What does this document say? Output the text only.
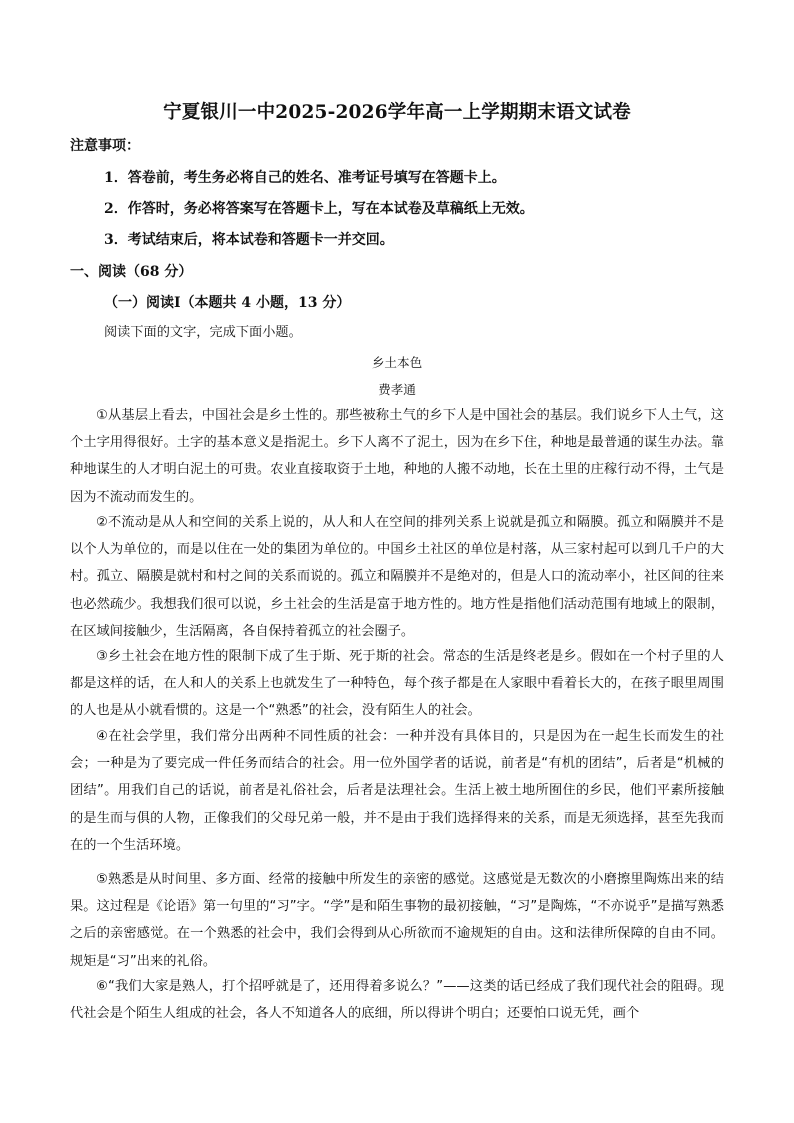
宁夏银川一中2025-2026学年高一上学期期末语文试卷
注意事项：
1．答卷前，考生务必将自己的姓名、准考证号填写在答题卡上。
2．作答时，务必将答案写在答题卡上，写在本试卷及草稿纸上无效。
3．考试结束后，将本试卷和答题卡一并交回。
一、阅读（68 分）
（一）阅读Ⅰ（本题共 4 小题，13 分）
阅读下面的文字，完成下面小题。
乡土本色
费孝通
①从基层上看去，中国社会是乡土性的。那些被称土气的乡下人是中国社会的基层。我们说乡下人土气，这个土字用得很好。土字的基本意义是指泥土。乡下人离不了泥土，因为在乡下住，种地是最普通的谋生办法。靠种地谋生的人才明白泥土的可贵。农业直接取资于土地，种地的人搬不动地，长在土里的庄稼行动不得，土气是因为不流动而发生的。
②不流动是从人和空间的关系上说的，从人和人在空间的排列关系上说就是孤立和隔膜。孤立和隔膜并不是以个人为单位的，而是以住在一处的集团为单位的。中国乡土社区的单位是村落，从三家村起可以到几千户的大村。孤立、隔膜是就村和村之间的关系而说的。孤立和隔膜并不是绝对的，但是人口的流动率小，社区间的往来也必然疏少。我想我们很可以说，乡土社会的生活是富于地方性的。地方性是指他们活动范围有地域上的限制，在区域间接触少，生活隔离，各自保持着孤立的社会圈子。
③乡土社会在地方性的限制下成了生于斯、死于斯的社会。常态的生活是终老是乡。假如在一个村子里的人都是这样的话，在人和人的关系上也就发生了一种特色，每个孩子都是在人家眼中看着长大的，在孩子眼里周围的人也是从小就看惯的。这是一个“熟悉”的社会，没有陌生人的社会。
④在社会学里，我们常分出两种不同性质的社会：一种并没有具体目的，只是因为在一起生长而发生的社会；一种是为了要完成一件任务而结合的社会。用一位外国学者的话说，前者是“有机的团结”，后者是“机械的团结”。用我们自己的话说，前者是礼俗社会，后者是法理社会。生活上被土地所囿住的乡民，他们平素所接触的是生而与俱的人物，正像我们的父母兄弟一般，并不是由于我们选择得来的关系，而是无须选择，甚至先我而在的一个生活环境。
⑤熟悉是从时间里、多方面、经常的接触中所发生的亲密的感觉。这感觉是无数次的小磨擦里陶炼出来的结果。这过程是《论语》第一句里的“习”字。“学”是和陌生事物的最初接触，“习”是陶炼，“不亦说乎”是描写熟悉之后的亲密感觉。在一个熟悉的社会中，我们会得到从心所欲而不逾规矩的自由。这和法律所保障的自由不同。规矩是“习”出来的礼俗。
⑥“我们大家是熟人，打个招呼就是了，还用得着多说么？”——这类的话已经成了我们现代社会的阻碍。现代社会是个陌生人组成的社会，各人不知道各人的底细，所以得讲个明白；还要怕口说无凭，画个
